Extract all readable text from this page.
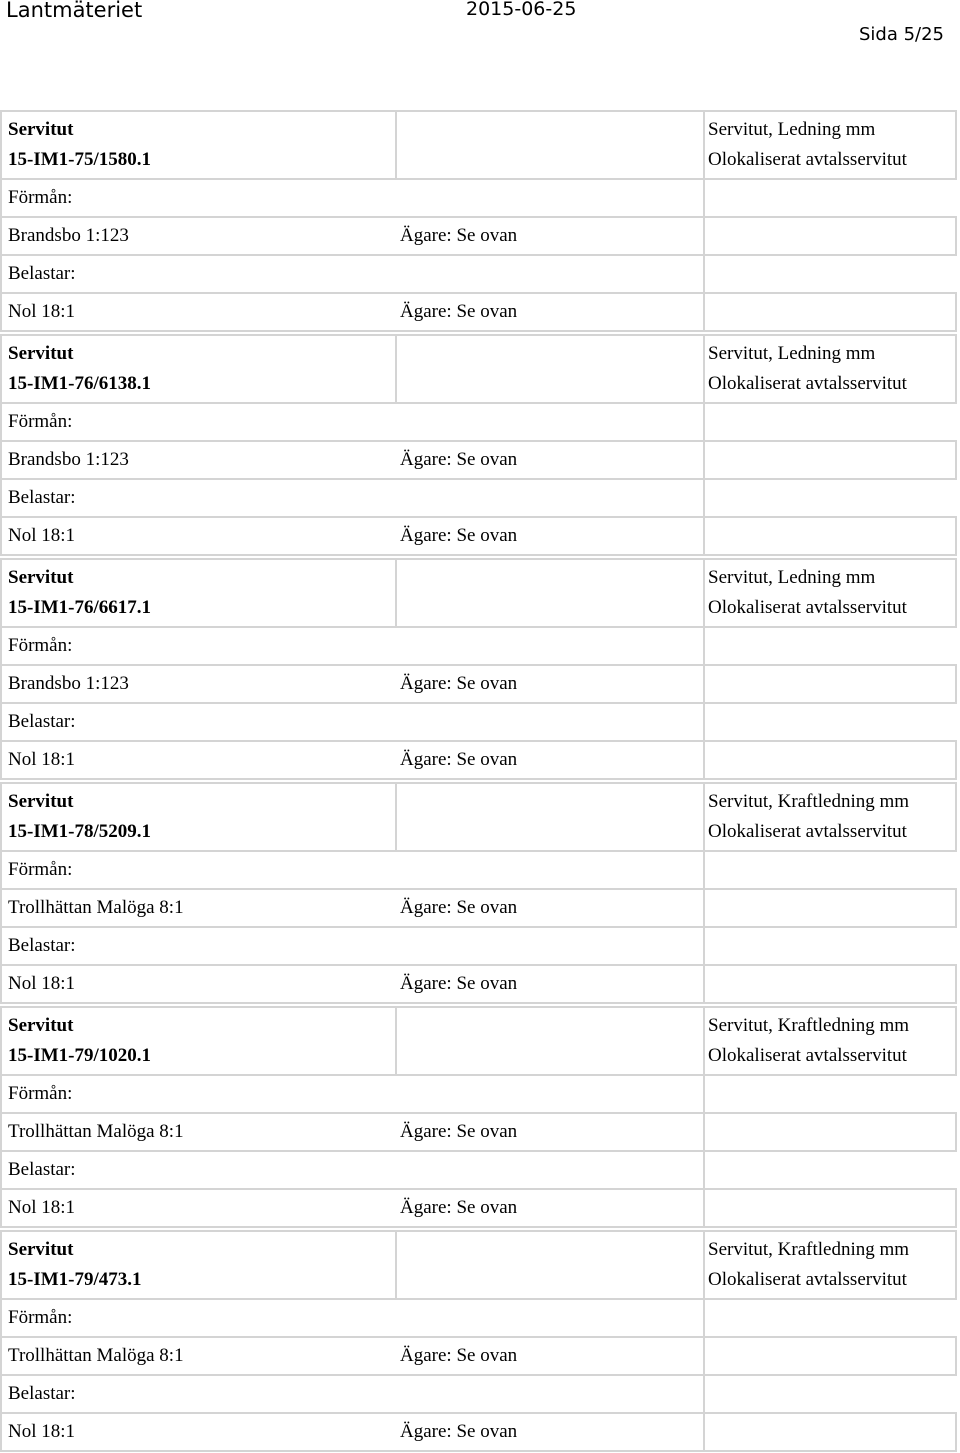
Lantmäteriet	2015-06-25
Sida 5/25
Servitut
15-IM1-75/1580.1
Servitut, Ledning mm
Olokaliserat avtalsservitut
Förmån:
Brandsbo 1:123	Ägare: Se ovan
Belastar:
Nol 18:1	Ägare: Se ovan
Servitut
15-IM1-76/6138.1
Servitut, Ledning mm
Olokaliserat avtalsservitut
Förmån:
Brandsbo 1:123	Ägare: Se ovan
Belastar:
Nol 18:1	Ägare: Se ovan
Servitut
15-IM1-76/6617.1
Servitut, Ledning mm
Olokaliserat avtalsservitut
Förmån:
Brandsbo 1:123	Ägare: Se ovan
Belastar:
Nol 18:1	Ägare: Se ovan
Servitut
15-IM1-78/5209.1
Servitut, Kraftledning mm
Olokaliserat avtalsservitut
Förmån:
Trollhättan Malöga 8:1	Ägare: Se ovan
Belastar:
Nol 18:1	Ägare: Se ovan
Servitut
15-IM1-79/1020.1
Servitut, Kraftledning mm
Olokaliserat avtalsservitut
Förmån:
Trollhättan Malöga 8:1	Ägare: Se ovan
Belastar:
Nol 18:1	Ägare: Se ovan
Servitut
15-IM1-79/473.1
Servitut, Kraftledning mm
Olokaliserat avtalsservitut
Förmån:
Trollhättan Malöga 8:1	Ägare: Se ovan
Belastar:
Nol 18:1	Ägare: Se ovan
